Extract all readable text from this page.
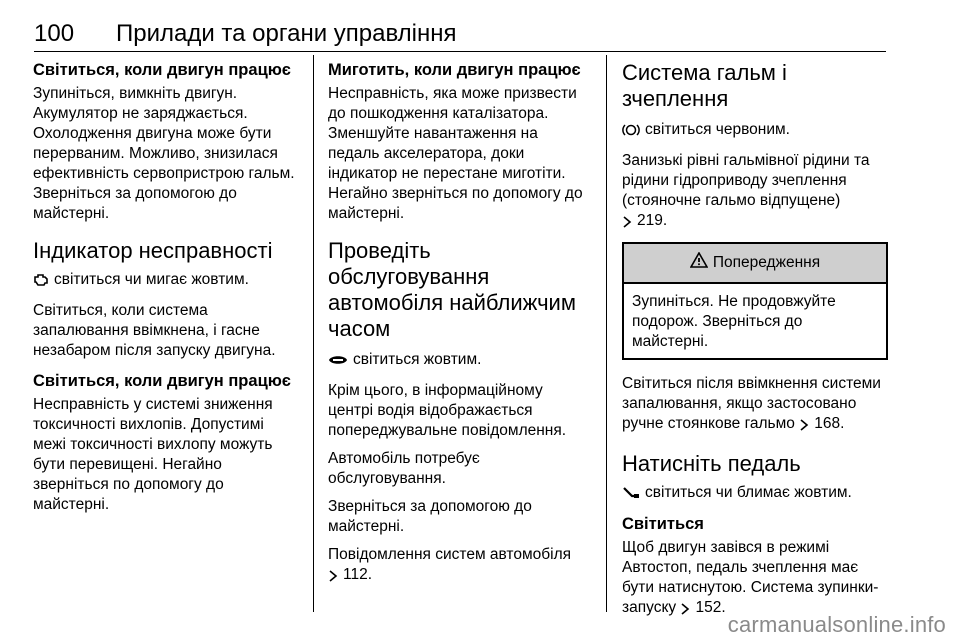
100 Прилади та органи управління
Світиться, коли двигун працює

Зупиніться, вимкніть двигун. Акумулятор не заряджається. Охолодження двигуна може бути перерваним. Можливо, знизилася ефективність сервопристрою гальм. Зверніться за допомогою до майстерні.

Індикатор несправності

світиться чи мигає жовтим.

Світиться, коли система запалювання ввімкнена, і гасне незабаром після запуску двигуна.

Світиться, коли двигун працює

Несправність у системі зниження токсичності вихлопів. Допустимі межі токсичності вихлопу можуть бути перевищені. Негайно зверніться по допомогу до майстерні.

Миготить, коли двигун працює

Несправність, яка може призвести до пошкодження каталізатора. Зменшуйте навантаження на педаль акселератора, доки індикатор не перестане миготіти. Негайно зверніться по допомогу до майстерні.

Проведіть обслуговування автомобіля найближчим часом

світиться жовтим.

Крім цього, в інформаційному центрі водія відображається попереджувальне повідомлення.

Автомобіль потребує обслуговування.

Зверніться за допомогою до майстерні.

Повідомлення систем автомобіля
112.

Система гальм і зчеплення

світиться червоним.

Занизькі рівні гальмівної рідини та рідини гідроприводу зчеплення (стояночне гальмо відпущене)
219.

Попередження
Зупиніться. Не продовжуйте подорож. Зверніться до майстерні.

Світиться після ввімкнення системи запалювання, якщо застосовано ручне стоянкове гальмо 168.

Натисніть педаль

світиться чи блимає жовтим.

Світиться

Щоб двигун завівся в режимі Автостоп, педаль зчеплення має бути натиснутою. Система зупинки-запуску 152.

carmanualsonline.info
